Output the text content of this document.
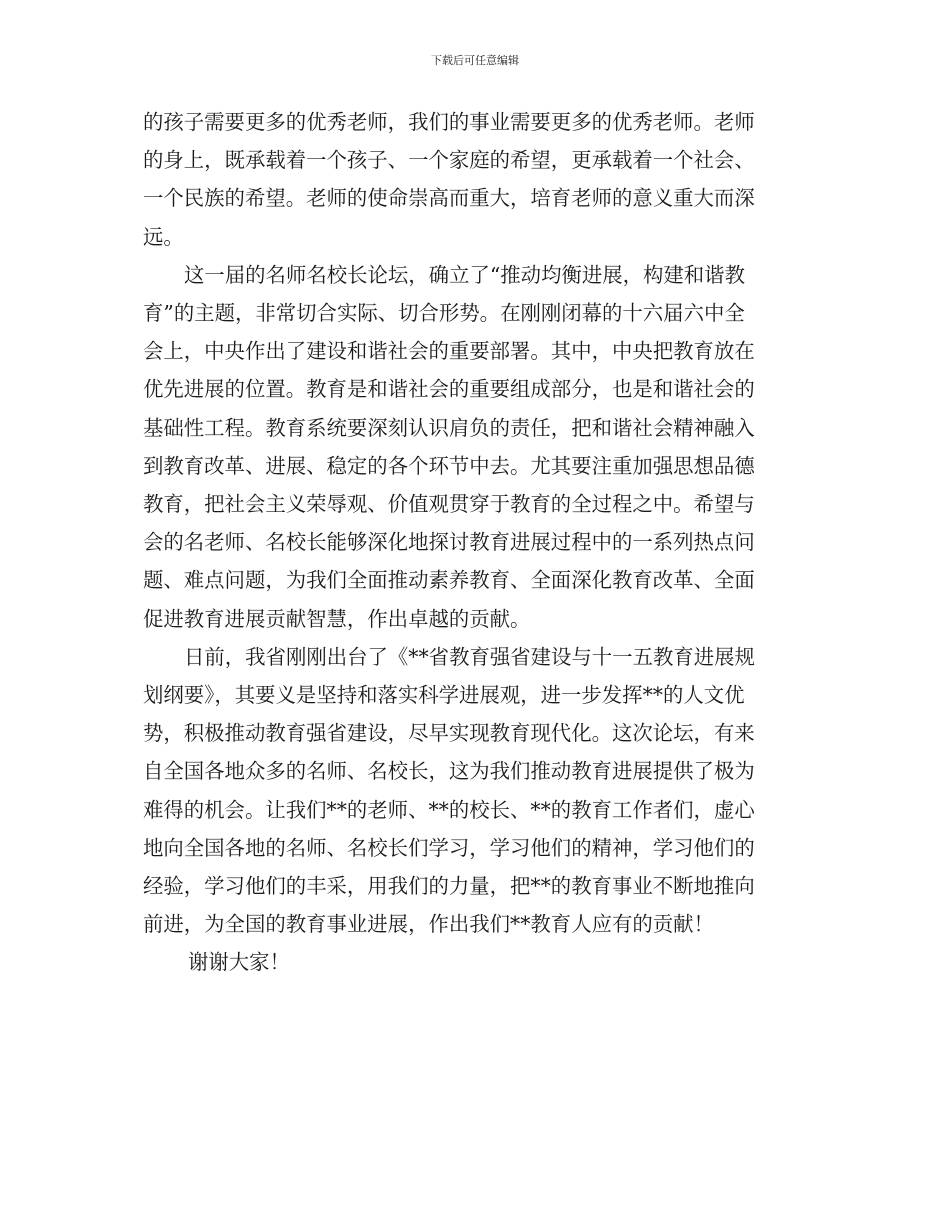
下载后可任意编辑

的孩子需要更多的优秀老师，我们的事业需要更多的优秀老师。老师
的身上，既承载着一个孩子、一个家庭的希望，更承载着一个社会、
一个民族的希望。老师的使命崇高而重大，培育老师的意义重大而深
远。

这一届的名师名校长论坛，确立了“推动均衡进展，构建和谐教
育”的主题，非常切合实际、切合形势。在刚刚闭幕的十六届六中全
会上，中央作出了建设和谐社会的重要部署。其中，中央把教育放在
优先进展的位置。教育是和谐社会的重要组成部分，也是和谐社会的
基础性工程。教育系统要深刻认识肩负的责任，把和谐社会精神融入
到教育改革、进展、稳定的各个环节中去。尤其要注重加强思想品德
教育，把社会主义荣辱观、价值观贯穿于教育的全过程之中。希望与
会的名老师、名校长能够深化地探讨教育进展过程中的一系列热点问
题、难点问题，为我们全面推动素养教育、全面深化教育改革、全面
促进教育进展贡献智慧，作出卓越的贡献。

日前，我省刚刚出台了《**省教育强省建设与十一五教育进展规
划纲要》，其要义是坚持和落实科学进展观，进一步发挥**的人文优
势，积极推动教育强省建设，尽早实现教育现代化。这次论坛，有来
自全国各地众多的名师、名校长，这为我们推动教育进展提供了极为
难得的机会。让我们**的老师、**的校长、**的教育工作者们，虚心
地向全国各地的名师、名校长们学习，学习他们的精神，学习他们的
经验，学习他们的丰采，用我们的力量，把**的教育事业不断地推向
前进，为全国的教育事业进展，作出我们**教育人应有的贡献！

谢谢大家！
